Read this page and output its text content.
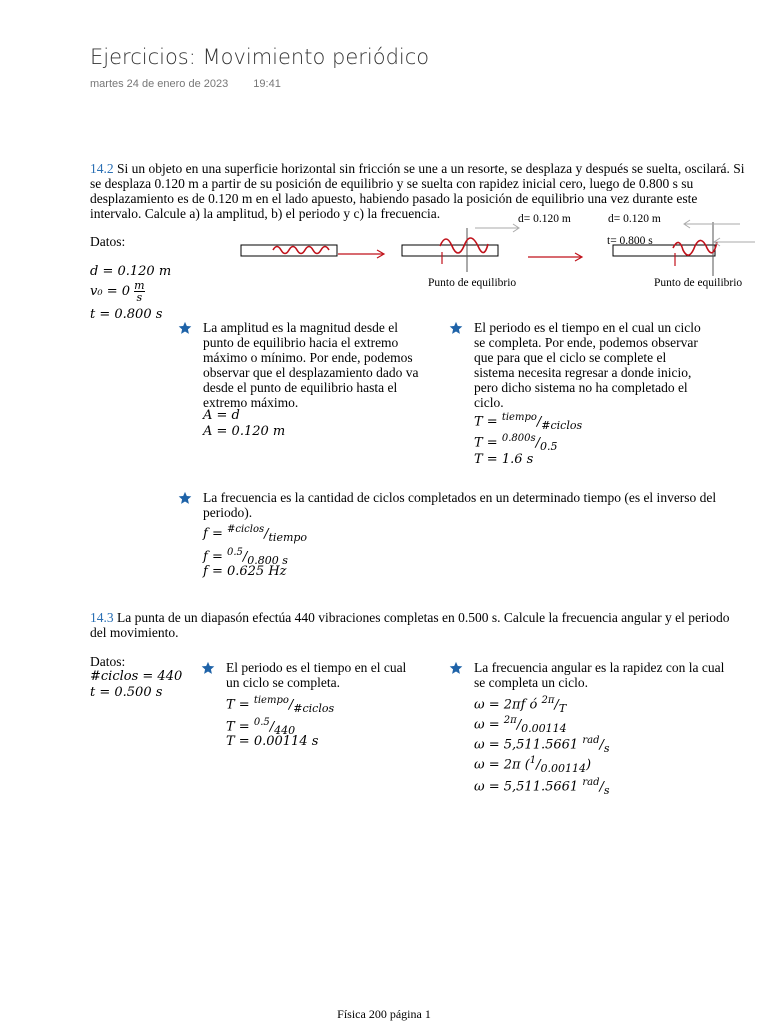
Ejercicios: Movimiento periódico
martes 24 de enero de 2023 19:41
14.2 Si un objeto en una superficie horizontal sin fricción se une a un resorte, se desplaza y después se suelta, oscilará. Si
se desplaza 0.120 m a partir de su posición de equilibrio y se suelta con rapidez inicial cero, luego de 0.800 s su
desplazamiento es de 0.120 m en el lado apuesto, habiendo pasado la posición de equilibrio una vez durante este
intervalo. Calcule a) la amplitud, b) el periodo y c) la frecuencia.
Datos:
d = 0.120 m
$v_0 = 0 \frac{m}{s}$
t = 0.800 s
d= 0.120 m	d= 0.120 m
t= 0.800 s
Punto de equilibrio	Punto de equilibrio
La amplitud es la magnitud desde el
punto de equilibrio hacia el extremo
máximo o mínimo. Por ende, podemos
observar que el desplazamiento dado va
desde el punto de equilibrio hasta el
extremo máximo.
A = d
A = 0.120 m
El periodo es el tiempo en el cual un ciclo
se completa. Por ende, podemos observar
que para que el ciclo se complete el
sistema necesita regresar a donde inicio,
pero dicho sistema no ha completado el
ciclo.
$T = ^{tiempo}/_{\#ciclos}$
$T = ^{0.800s}/_{0.5}$
T = 1.6 s
La frecuencia es la cantidad de ciclos completados en un determinado tiempo (es el inverso del
periodo).
$f = ^{\#ciclos}/_{tiempo}$
$f = ^{0.5}/_{0.800 s}$
f = 0.625 Hz
14.3 La punta de un diapasón efectúa 440 vibraciones completas en 0.500 s. Calcule la frecuencia angular y el periodo
del movimiento.
Datos:
#ciclos = 440
t = 0.500 s
El periodo es el tiempo en el cual
un ciclo se completa.
$T = ^{tiempo}/_{\#ciclos}$
$T = ^{0.5}/_{440}$
T = 0.00114 s
La frecuencia angular es la rapidez con la cual
se completa un ciclo.
ω = 2πf ó $^{2\pi}/_T$
$\omega = ^{2\pi}/_{0.00114}$
ω = 5,511.5661 $^{rad}/_s$
ω = 2π $(^1/_{0.00114})$
ω = 5,511.5661 $^{rad}/_s$
Física 200 página 1
